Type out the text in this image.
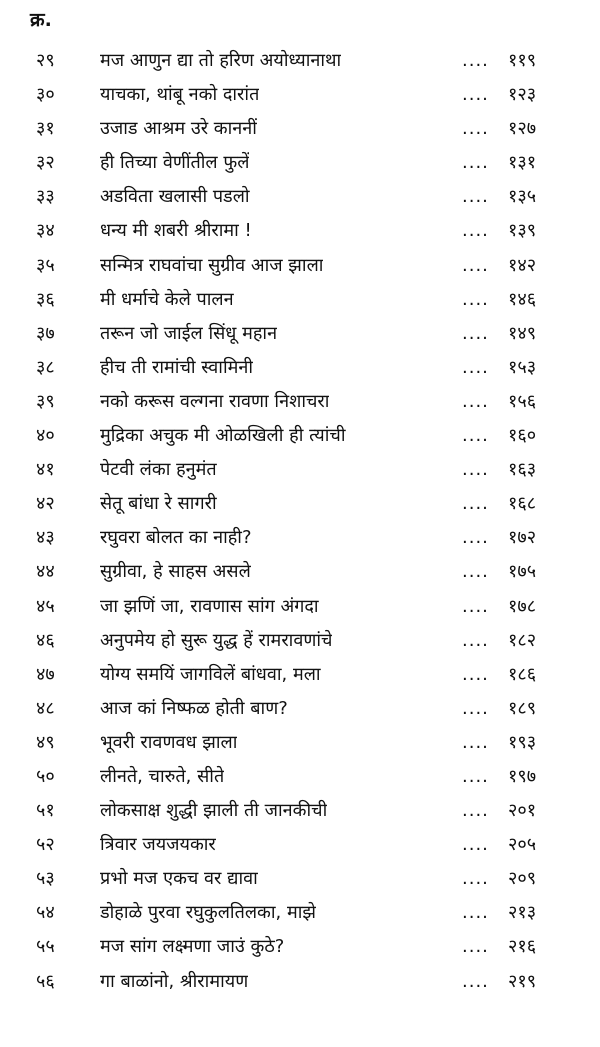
क्र.
२९	मज आणुन द्या तो हरिण अयोध्यानाथा	.... ११९
३०	याचका, थांबू नको दारांत	.... १२३
३१	उजाड आश्रम उरे काननीं	.... १२७
३२	ही तिच्या वेणींतील फुलें	.... १३१
३३	अडविता खलासी पडलो	.... १३५
३४	धन्य मी शबरी श्रीरामा !	.... १३९
३५	सन्मित्र राघवांचा सुग्रीव आज झाला	.... १४२
३६	मी धर्माचे केले पालन	.... १४६
३७	तरून जो जाईल सिंधू महान	.... १४९
३८	हीच ती रामांची स्वामिनी	.... १५३
३९	नको करूस वल्गना रावणा निशाचरा	.... १५६
४०	मुद्रिका अचुक मी ओळखिली ही त्यांची	.... १६०
४१	पेटवी लंका हनुमंत	.... १६३
४२	सेतू बांधा रे सागरी	.... १६८
४३	रघुवरा बोलत का नाही?	.... १७२
४४	सुग्रीवा, हे साहस असले	.... १७५
४५	जा झणिं जा, रावणास सांग अंगदा	.... १७८
४६	अनुपमेय हो सुरू युद्ध हें रामरावणांचे	.... १८२
४७	योग्य समयिं जागविलें बांधवा, मला	.... १८६
४८	आज कां निष्फळ होती बाण?	.... १८९
४९	भूवरी रावणवध झाला	.... १९३
५०	लीनते, चारुते, सीते	.... १९७
५१	लोकसाक्ष शुद्धी झाली ती जानकीची	.... २०१
५२	त्रिवार जयजयकार	.... २०५
५३	प्रभो मज एकच वर द्यावा	.... २०९
५४	डोहाळे पुरवा रघुकुलतिलका, माझे	.... २१३
५५	मज सांग लक्ष्मणा जाउं कुठे?	.... २१६
५६	गा बाळांनो, श्रीरामायण	.... २१९
